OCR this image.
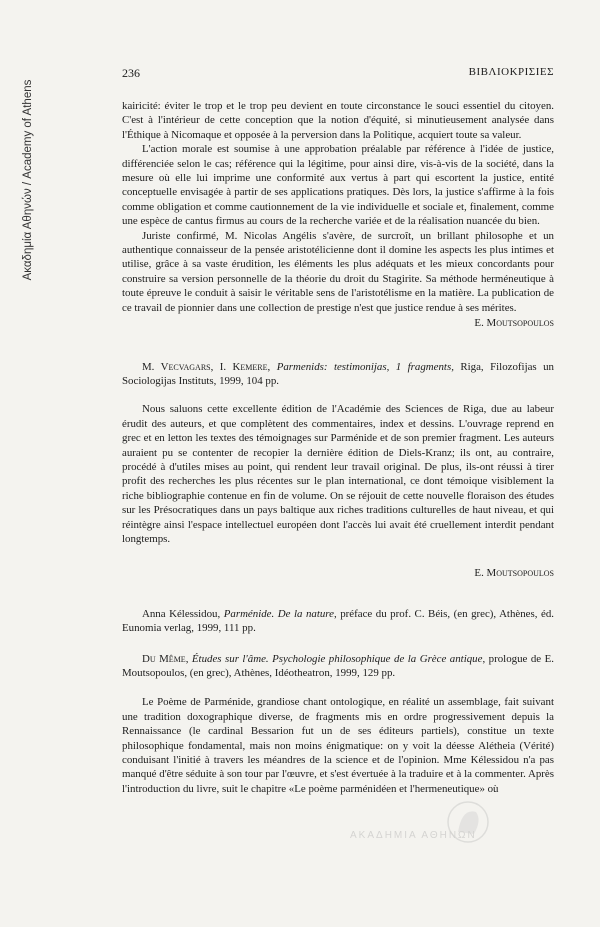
Ακαδημία Αθηνών / Academy of Athens
236	ΒΙΒΛΙΟΚΡΙΣΙΕΣ

kairicité: éviter le trop et le trop peu devient en toute circonstance le souci essentiel du citoyen. C'est à l'intérieur de cette conception que la notion d'équité, si minutieusement analysée dans l'Éthique à Nicomaque et opposée à la perversion dans la Politique, acquiert toute sa valeur.

L'action morale est soumise à une approbation préalable par référence à l'idée de justice, différenciée selon le cas; référence qui la légitime, pour ainsi dire, vis-à-vis de la société, dans la mesure où elle lui imprime une conformité aux vertus à part qui escortent la justice, entité conceptuelle envisagée à partir de ses applications pratiques. Dès lors, la justice s'affirme à la fois comme obligation et comme cautionnement de la vie individuelle et sociale et, finalement, comme une espèce de cantus firmus au cours de la recherche variée et de la réalisation nuancée du bien.

Juriste confirmé, M. Nicolas Angélis s'avère, de surcroît, un brillant philosophe et un authentique connaisseur de la pensée aristotélicienne dont il domine les aspects les plus intimes et utilise, grâce à sa vaste érudition, les éléments les plus adéquats et les mieux concordants pour construire sa version personnelle de la théorie du droit du Stagirite. Sa méthode herméneutique à toute épreuve le conduit à saisir le véritable sens de l'aristotélisme en la matière. La publication de ce travail de pionnier dans une collection de prestige n'est que justice rendue à ses mérites.

E. Moutsopoulos

M. Vecvagars, I. Kemere, Parmenids: testimonijas, 1 fragments, Riga, Filozofijas un Sociologijas Instituts, 1999, 104 pp.

Nous saluons cette excellente édition de l'Académie des Sciences de Riga, due au labeur érudit des auteurs, et que complètent des commentaires, index et dessins. L'ouvrage reprend en grec et en letton les textes des témoignages sur Parménide et de son premier fragment. Les auteurs auraient pu se contenter de recopier la dernière édition de Diels-Kranz; ils ont, au contraire, procédé à d'utiles mises au point, qui rendent leur travail original. De plus, ils-ont réussi à tirer profit des recherches les plus récentes sur le plan international, ce dont témoique visiblement la riche bibliographie contenue en fin de volume. On se réjouit de cette nouvelle floraison des études sur les Présocratiques dans un pays baltique aux riches traditions culturelles de haut niveau, et qui réintègre ainsi l'espace intellectuel européen dont l'accès lui avait été cruellement interdit pendant longtemps.

E. Moutsopoulos

Anna Kélessidou, Parménide. De la nature, préface du prof. C. Béis, (en grec), Athènes, éd. Eunomia verlag, 1999, 111 pp.

Du Même, Études sur l'âme. Psychologie philosophique de la Grèce antique, prologue de E. Moutsopoulos, (en grec), Athènes, Idéotheatron, 1999, 129 pp.

Le Poème de Parménide, grandiose chant ontologique, en réalité un assemblage, fait suivant une tradition doxographique diverse, de fragments mis en ordre progressivement depuis la Rennaissance (le cardinal Bessarion fut un de ses éditeurs partiels), constitue un texte philosophique fondamental, mais non moins énigmatique: on y voit la déesse Alétheia (Vérité) conduisant l'initié à travers les méandres de la science et de l'opinion. Mme Kélessidou n'a pas manqué d'être séduite à son tour par l'œuvre, et s'est évertuée à la traduire et à la commenter. Après l'introduction du livre, suit le chapitre «Le poème parménidéen et l'hermeneutique» où

ΑΚΑΔΗΜΙΑ ΑΘΗΝΩΝ
